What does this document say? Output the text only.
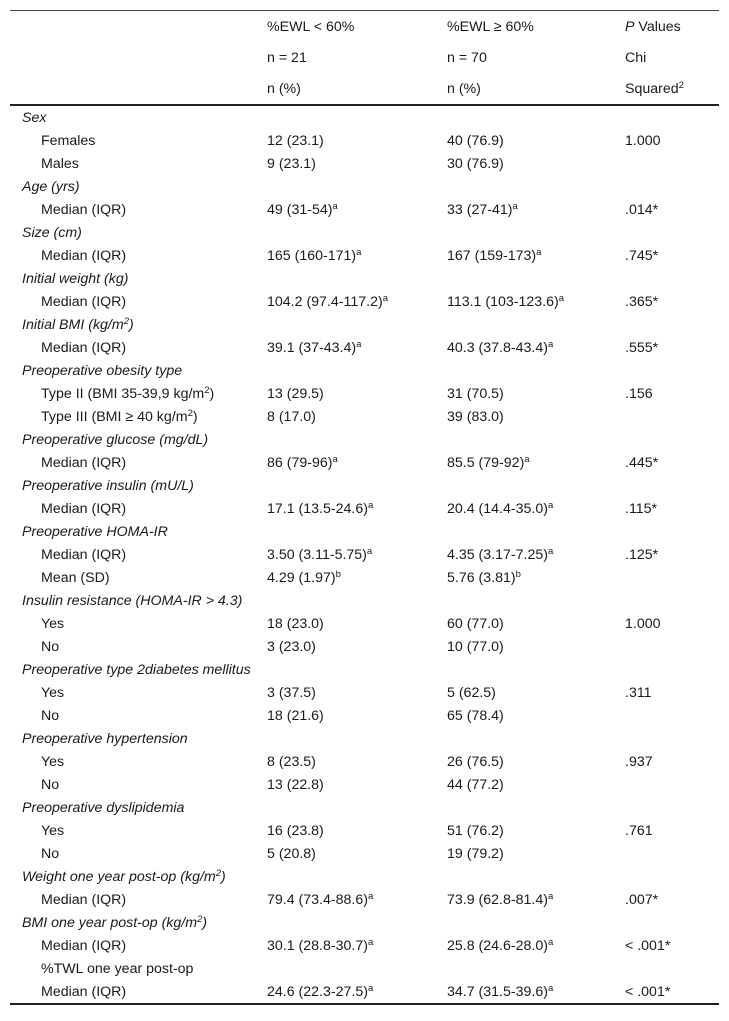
	%EWL < 60%	%EWL ≥ 60%	P Values
	n = 21	n = 70	Chi
	n (%)	n (%)	Squared$^2$
Sex			
Females	12 (23.1)	40 (76.9)	1.000
Males	9 (23.1)	30 (76.9)	
Age (yrs)			
Median (IQR)	49 $(31-54)^a$	33 $(27-41)^a$	.014*
Size (cm)			
Median (IQR)	165 $(160-171)^a$	167 $(159-173)^a$	.745*
Initial weight (kg)			
Median (IQR)	104.2 $(97.4-117.2)^a$	113.1 $(103-123.6)^a$	.365*
Initial BMI $(kg/m^2)$			
Median (IQR)	39.1 $(37-43.4)^a$	40.3 $(37.8-43.4)^a$	.555*
Preoperative obesity type			
Type II (BMI 35-39,9 $kg/m^2$)	13 (29.5)	31 (70.5)	.156
Type III (BMI ≥ 40 $kg/m^2$)	8 (17.0)	39 (83.0)	
Preoperative glucose (mg/dL)			
Median (IQR)	86 $(79-96)^a$	85.5 $(79-92)^a$	.445*
Preoperative insulin (mU/L)			
Median (IQR)	17.1 $(13.5-24.6)^a$	20.4 $(14.4-35.0)^a$	.115*
Preoperative HOMA-IR			
Median (IQR)	3.50 $(3.11-5.75)^a$	4.35 $(3.17-7.25)^a$	.125*
Mean (SD)	4.29 $(1.97)^b$	5.76 $(3.81)^b$	
Insulin resistance (HOMA-IR > 4.3)			
Yes	18 (23.0)	60 (77.0)	1.000
No	3 (23.0)	10 (77.0)	
Preoperative type 2diabetes mellitus			
Yes	3 (37.5)	5 (62.5)	.311
No	18 (21.6)	65 (78.4)	
Preoperative hypertension			
Yes	8 (23.5)	26 (76.5)	.937
No	13 (22.8)	44 (77.2)	
Preoperative dyslipidemia			
Yes	16 (23.8)	51 (76.2)	.761
No	5 (20.8)	19 (79.2)	
Weight one year post-op $(kg/m^2)$			
Median (IQR)	79.4 $(73.4-88.6)^a$	73.9 $(62.8-81.4)^a$	.007*
BMI one year post-op $(kg/m^2)$			
Median (IQR)	30.1 $(28.8-30.7)^a$	25.8 $(24.6-28.0)^a$	< .001*
%TWL one year post-op			
Median (IQR)	24.6 $(22.3-27.5)^a$	34.7 $(31.5-39.6)^a$	< .001*
